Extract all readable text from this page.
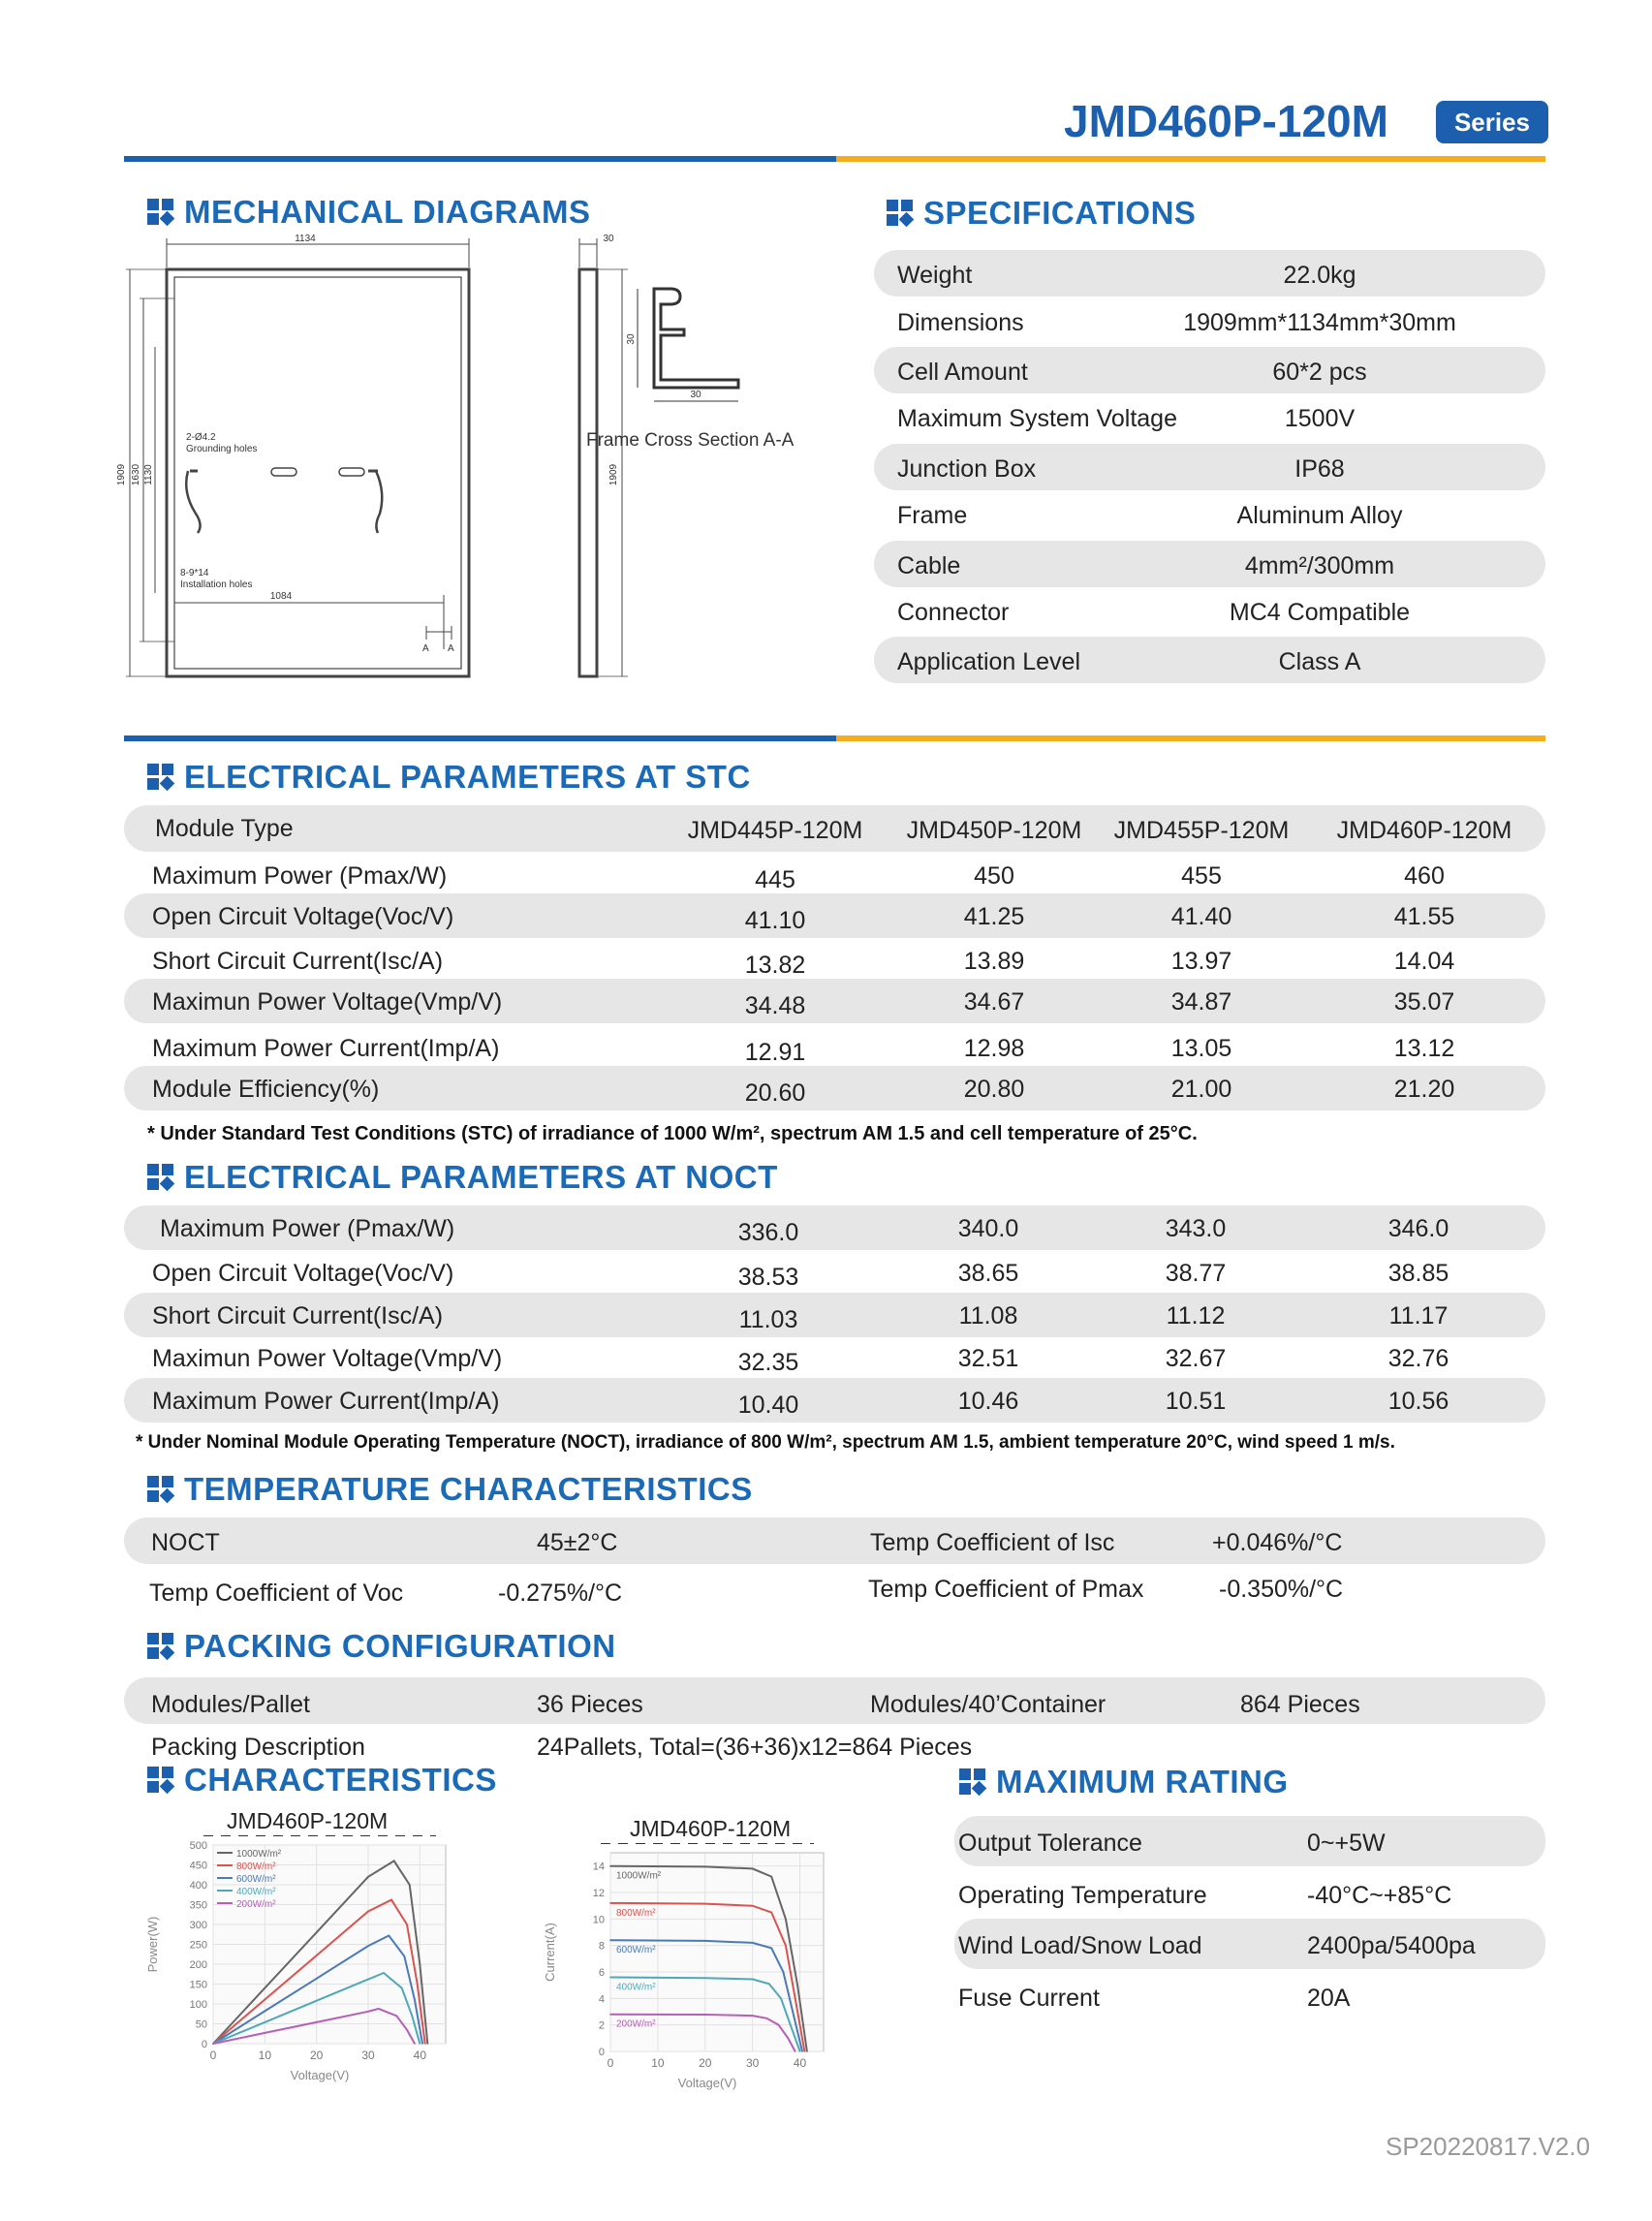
JMD460P-120M	Series
MECHANICAL DIAGRAMS
1134
1909 1630 1130
1084
2-Ø4.2
Grounding holes
8-9*14
Installation holes
A A
30
1909
30
30
Frame Cross Section A-A
SPECIFICATIONS
Weight	22.0kg
Dimensions	1909mm*1134mm*30mm
Cell Amount	60*2 pcs
Maximum System Voltage	1500V
Junction Box	IP68
Frame	Aluminum Alloy
Cable	4mm²/300mm
Connector	MC4 Compatible
Application Level	Class A
ELECTRICAL PARAMETERS AT STC
Module Type	JMD445P-120M JMD450P-120M JMD455P-120M JMD460P-120M
Maximum Power (Pmax/W)	445	450	455	460
Open Circuit Voltage(Voc/V)	41.10	41.25	41.40	41.55
Short Circuit Current(Isc/A)	13.82	13.89	13.97	14.04
Maximun Power Voltage(Vmp/V)	34.48	34.67	34.87	35.07
Maximum Power Current(Imp/A)	12.91	12.98	13.05	13.12
Module Efficiency(%)	20.60	20.80	21.00	21.20
* Under Standard Test Conditions (STC) of irradiance of 1000 W/m², spectrum AM 1.5 and cell temperature of 25°C.
ELECTRICAL PARAMETERS AT NOCT
Maximum Power (Pmax/W)	336.0	340.0	343.0	346.0
Open Circuit Voltage(Voc/V)	38.53	38.65	38.77	38.85
Short Circuit Current(Isc/A)	11.03	11.08	11.12	11.17
Maximun Power Voltage(Vmp/V)	32.35	32.51	32.67	32.76
Maximum Power Current(Imp/A)	10.40	10.46	10.51	10.56
* Under Nominal Module Operating Temperature (NOCT), irradiance of 800 W/m², spectrum AM 1.5, ambient temperature 20°C, wind speed 1 m/s.
TEMPERATURE CHARACTERISTICS
NOCT	45±2°C	Temp Coefficient of Isc	+0.046%/°C
Temp Coefficient of Voc	-0.275%/°C	Temp Coefficient of Pmax	-0.350%/°C
PACKING CONFIGURATION
Modules/Pallet	36 Pieces	Modules/40’Container	864 Pieces
Packing Description	24Pallets, Total=(36+36)x12=864 Pieces
CHARACTERISTICS
JMD460P-120M
0
50
100
150
200
250
300
350
400
450
500
0	10	20	30	40
1000W/m²
800W/m²
600W/m²
400W/m²
200W/m²
Voltage(V)
Power(W)
JMD460P-120M
0
2
4
6
8
10
12
14
0	10	20	30	40
1000W/m²
800W/m²
600W/m²
400W/m²
200W/m²
Voltage(V)
Current(A)
MAXIMUM RATING
Output Tolerance	0~+5W
Operating Temperature	-40°C~+85°C
Wind Load/Snow Load	2400pa/5400pa
Fuse Current	20A
SP20220817.V2.0
